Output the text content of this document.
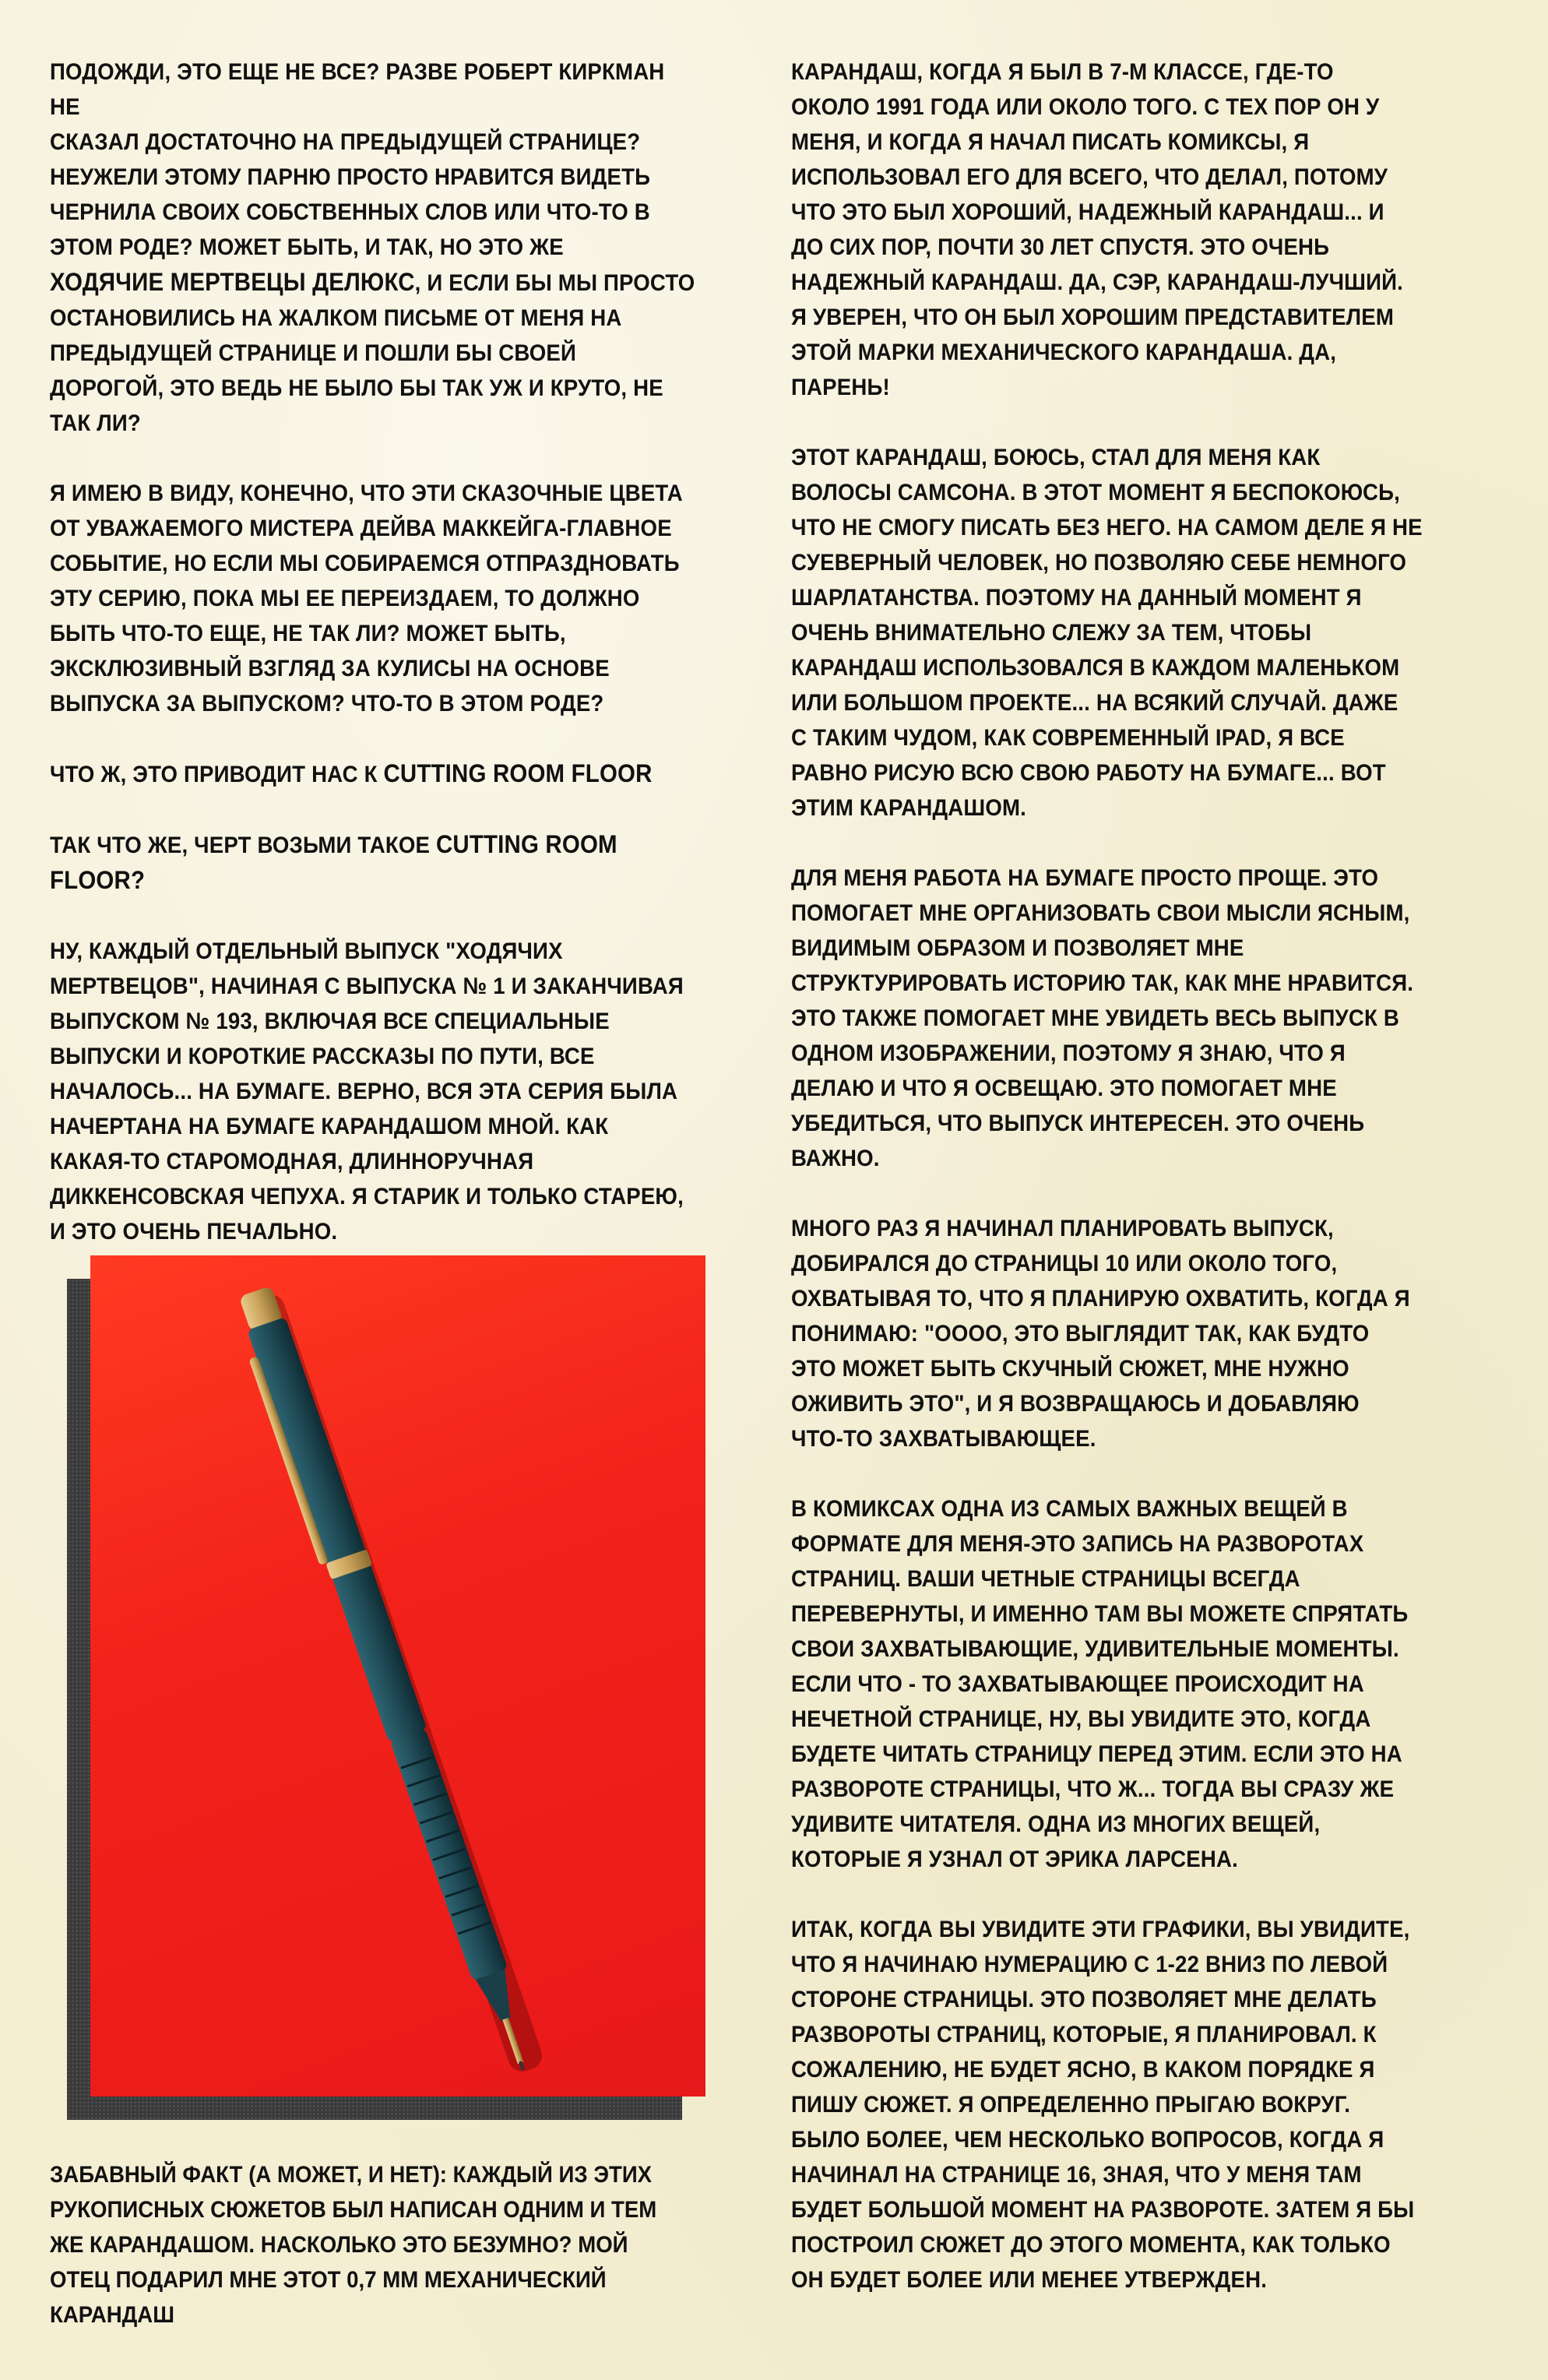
ПОДОЖДИ, ЭТО ЕЩЕ НЕ ВСЕ? РАЗВЕ РОБЕРТ КИРКМАН НЕ
СКАЗАЛ ДОСТАТОЧНО НА ПРЕДЫДУЩЕЙ СТРАНИЦЕ?
НЕУЖЕЛИ ЭТОМУ ПАРНЮ ПРОСТО НРАВИТСЯ ВИДЕТЬ
ЧЕРНИЛА СВОИХ СОБСТВЕННЫХ СЛОВ ИЛИ ЧТО-ТО В
ЭТОМ РОДЕ? МОЖЕТ БЫТЬ, И ТАК, НО ЭТО ЖЕ
ХОДЯЧИЕ МЕРТВЕЦЫ ДЕЛЮКС, И ЕСЛИ БЫ МЫ ПРОСТО
ОСТАНОВИЛИСЬ НА ЖАЛКОМ ПИСЬМЕ ОТ МЕНЯ НА
ПРЕДЫДУЩЕЙ СТРАНИЦЕ И ПОШЛИ БЫ СВОЕЙ
ДОРОГОЙ, ЭТО ВЕДЬ НЕ БЫЛО БЫ ТАК УЖ И КРУТО, НЕ
ТАК ЛИ?

Я ИМЕЮ В ВИДУ, КОНЕЧНО, ЧТО ЭТИ СКАЗОЧНЫЕ ЦВЕТА
ОТ УВАЖАЕМОГО МИСТЕРА ДЕЙВА МАККЕЙГА-ГЛАВНОЕ
СОБЫТИЕ, НО ЕСЛИ МЫ СОБИРАЕМСЯ ОТПРАЗДНОВАТЬ
ЭТУ СЕРИЮ, ПОКА МЫ ЕЕ ПЕРЕИЗДАЕМ, ТО ДОЛЖНО
БЫТЬ ЧТО-ТО ЕЩЕ, НЕ ТАК ЛИ? МОЖЕТ БЫТЬ,
ЭКСКЛЮЗИВНЫЙ ВЗГЛЯД ЗА КУЛИСЫ НА ОСНОВЕ
ВЫПУСКА ЗА ВЫПУСКОМ? ЧТО-ТО В ЭТОМ РОДЕ?

ЧТО Ж, ЭТО ПРИВОДИТ НАС К CUTTING ROOM FLOOR

ТАК ЧТО ЖЕ, ЧЕРТ ВОЗЬМИ ТАКОЕ CUTTING ROOM
FLOOR?

НУ, КАЖДЫЙ ОТДЕЛЬНЫЙ ВЫПУСК "ХОДЯЧИХ
МЕРТВЕЦОВ", НАЧИНАЯ С ВЫПУСКА № 1 И ЗАКАНЧИВАЯ
ВЫПУСКОМ № 193, ВКЛЮЧАЯ ВСЕ СПЕЦИАЛЬНЫЕ
ВЫПУСКИ И КОРОТКИЕ РАССКАЗЫ ПО ПУТИ, ВСЕ
НАЧАЛОСЬ... НА БУМАГЕ. ВЕРНО, ВСЯ ЭТА СЕРИЯ БЫЛА
НАЧЕРТАНА НА БУМАГЕ КАРАНДАШОМ МНОЙ. КАК
КАКАЯ-ТО СТАРОМОДНАЯ, ДЛИННОРУЧНАЯ
ДИККЕНСОВСКАЯ ЧЕПУХА. Я СТАРИК И ТОЛЬКО СТАРЕЮ,
И ЭТО ОЧЕНЬ ПЕЧАЛЬНО.

ЗАБАВНЫЙ ФАКТ (А МОЖЕТ, И НЕТ): КАЖДЫЙ ИЗ ЭТИХ
РУКОПИСНЫХ СЮЖЕТОВ БЫЛ НАПИСАН ОДНИМ И ТЕМ
ЖЕ КАРАНДАШОМ. НАСКОЛЬКО ЭТО БЕЗУМНО? МОЙ
ОТЕЦ ПОДАРИЛ МНЕ ЭТОТ 0,7 ММ МЕХАНИЧЕСКИЙ
КАРАНДАШ

КАРАНДАШ, КОГДА Я БЫЛ В 7-М КЛАССЕ, ГДЕ-ТО
ОКОЛО 1991 ГОДА ИЛИ ОКОЛО ТОГО. С ТЕХ ПОР ОН У
МЕНЯ, И КОГДА Я НАЧАЛ ПИСАТЬ КОМИКСЫ, Я
ИСПОЛЬЗОВАЛ ЕГО ДЛЯ ВСЕГО, ЧТО ДЕЛАЛ, ПОТОМУ
ЧТО ЭТО БЫЛ ХОРОШИЙ, НАДЕЖНЫЙ КАРАНДАШ... И
ДО СИХ ПОР, ПОЧТИ 30 ЛЕТ СПУСТЯ. ЭТО ОЧЕНЬ
НАДЕЖНЫЙ КАРАНДАШ. ДА, СЭР, КАРАНДАШ-ЛУЧШИЙ.
Я УВЕРЕН, ЧТО ОН БЫЛ ХОРОШИМ ПРЕДСТАВИТЕЛЕМ
ЭТОЙ МАРКИ МЕХАНИЧЕСКОГО КАРАНДАША. ДА,
ПАРЕНЬ!

ЭТОТ КАРАНДАШ, БОЮСЬ, СТАЛ ДЛЯ МЕНЯ КАК
ВОЛОСЫ САМСОНА. В ЭТОТ МОМЕНТ Я БЕСПОКОЮСЬ,
ЧТО НЕ СМОГУ ПИСАТЬ БЕЗ НЕГО. НА САМОМ ДЕЛЕ Я НЕ
СУЕВЕРНЫЙ ЧЕЛОВЕК, НО ПОЗВОЛЯЮ СЕБЕ НЕМНОГО
ШАРЛАТАНСТВА. ПОЭТОМУ НА ДАННЫЙ МОМЕНТ Я
ОЧЕНЬ ВНИМАТЕЛЬНО СЛЕЖУ ЗА ТЕМ, ЧТОБЫ
КАРАНДАШ ИСПОЛЬЗОВАЛСЯ В КАЖДОМ МАЛЕНЬКОМ
ИЛИ БОЛЬШОМ ПРОЕКТЕ... НА ВСЯКИЙ СЛУЧАЙ. ДАЖЕ
С ТАКИМ ЧУДОМ, КАК СОВРЕМЕННЫЙ IPAD, Я ВСЕ
РАВНО РИСУЮ ВСЮ СВОЮ РАБОТУ НА БУМАГЕ... ВОТ
ЭТИМ КАРАНДАШОМ.

ДЛЯ МЕНЯ РАБОТА НА БУМАГЕ ПРОСТО ПРОЩЕ. ЭТО
ПОМОГАЕТ МНЕ ОРГАНИЗОВАТЬ СВОИ МЫСЛИ ЯСНЫМ,
ВИДИМЫМ ОБРАЗОМ И ПОЗВОЛЯЕТ МНЕ
СТРУКТУРИРОВАТЬ ИСТОРИЮ ТАК, КАК МНЕ НРАВИТСЯ.
ЭТО ТАКЖЕ ПОМОГАЕТ МНЕ УВИДЕТЬ ВЕСЬ ВЫПУСК В
ОДНОМ ИЗОБРАЖЕНИИ, ПОЭТОМУ Я ЗНАЮ, ЧТО Я
ДЕЛАЮ И ЧТО Я ОСВЕЩАЮ. ЭТО ПОМОГАЕТ МНЕ
УБЕДИТЬСЯ, ЧТО ВЫПУСК ИНТЕРЕСЕН. ЭТО ОЧЕНЬ
ВАЖНО.

МНОГО РАЗ Я НАЧИНАЛ ПЛАНИРОВАТЬ ВЫПУСК,
ДОБИРАЛСЯ ДО СТРАНИЦЫ 10 ИЛИ ОКОЛО ТОГО,
ОХВАТЫВАЯ ТО, ЧТО Я ПЛАНИРУЮ ОХВАТИТЬ, КОГДА Я
ПОНИМАЮ: "ОООО, ЭТО ВЫГЛЯДИТ ТАК, КАК БУДТО
ЭТО МОЖЕТ БЫТЬ СКУЧНЫЙ СЮЖЕТ, МНЕ НУЖНО
ОЖИВИТЬ ЭТО", И Я ВОЗВРАЩАЮСЬ И ДОБАВЛЯЮ
ЧТО-ТО ЗАХВАТЫВАЮЩЕЕ.

В КОМИКСАХ ОДНА ИЗ САМЫХ ВАЖНЫХ ВЕЩЕЙ В
ФОРМАТЕ ДЛЯ МЕНЯ-ЭТО ЗАПИСЬ НА РАЗВОРОТАХ
СТРАНИЦ. ВАШИ ЧЕТНЫЕ СТРАНИЦЫ ВСЕГДА
ПЕРЕВЕРНУТЫ, И ИМЕННО ТАМ ВЫ МОЖЕТЕ СПРЯТАТЬ
СВОИ ЗАХВАТЫВАЮЩИЕ, УДИВИТЕЛЬНЫЕ МОМЕНТЫ.
ЕСЛИ ЧТО - ТО ЗАХВАТЫВАЮЩЕЕ ПРОИСХОДИТ НА
НЕЧЕТНОЙ СТРАНИЦЕ, НУ, ВЫ УВИДИТЕ ЭТО, КОГДА
БУДЕТЕ ЧИТАТЬ СТРАНИЦУ ПЕРЕД ЭТИМ. ЕСЛИ ЭТО НА
РАЗВОРОТЕ СТРАНИЦЫ, ЧТО Ж... ТОГДА ВЫ СРАЗУ ЖЕ
УДИВИТЕ ЧИТАТЕЛЯ. ОДНА ИЗ МНОГИХ ВЕЩЕЙ,
КОТОРЫЕ Я УЗНАЛ ОТ ЭРИКА ЛАРСЕНА.

ИТАК, КОГДА ВЫ УВИДИТЕ ЭТИ ГРАФИКИ, ВЫ УВИДИТЕ,
ЧТО Я НАЧИНАЮ НУМЕРАЦИЮ С 1-22 ВНИЗ ПО ЛЕВОЙ
СТОРОНЕ СТРАНИЦЫ. ЭТО ПОЗВОЛЯЕТ МНЕ ДЕЛАТЬ
РАЗВОРОТЫ СТРАНИЦ, КОТОРЫЕ, Я ПЛАНИРОВАЛ. К
СОЖАЛЕНИЮ, НЕ БУДЕТ ЯСНО, В КАКОМ ПОРЯДКЕ Я
ПИШУ СЮЖЕТ. Я ОПРЕДЕЛЕННО ПРЫГАЮ ВОКРУГ.
БЫЛО БОЛЕЕ, ЧЕМ НЕСКОЛЬКО ВОПРОСОВ, КОГДА Я
НАЧИНАЛ НА СТРАНИЦЕ 16, ЗНАЯ, ЧТО У МЕНЯ ТАМ
БУДЕТ БОЛЬШОЙ МОМЕНТ НА РАЗВОРОТЕ. ЗАТЕМ Я БЫ
ПОСТРОИЛ СЮЖЕТ ДО ЭТОГО МОМЕНТА, КАК ТОЛЬКО
ОН БУДЕТ БОЛЕЕ ИЛИ МЕНЕЕ УТВЕРЖДЕН.
